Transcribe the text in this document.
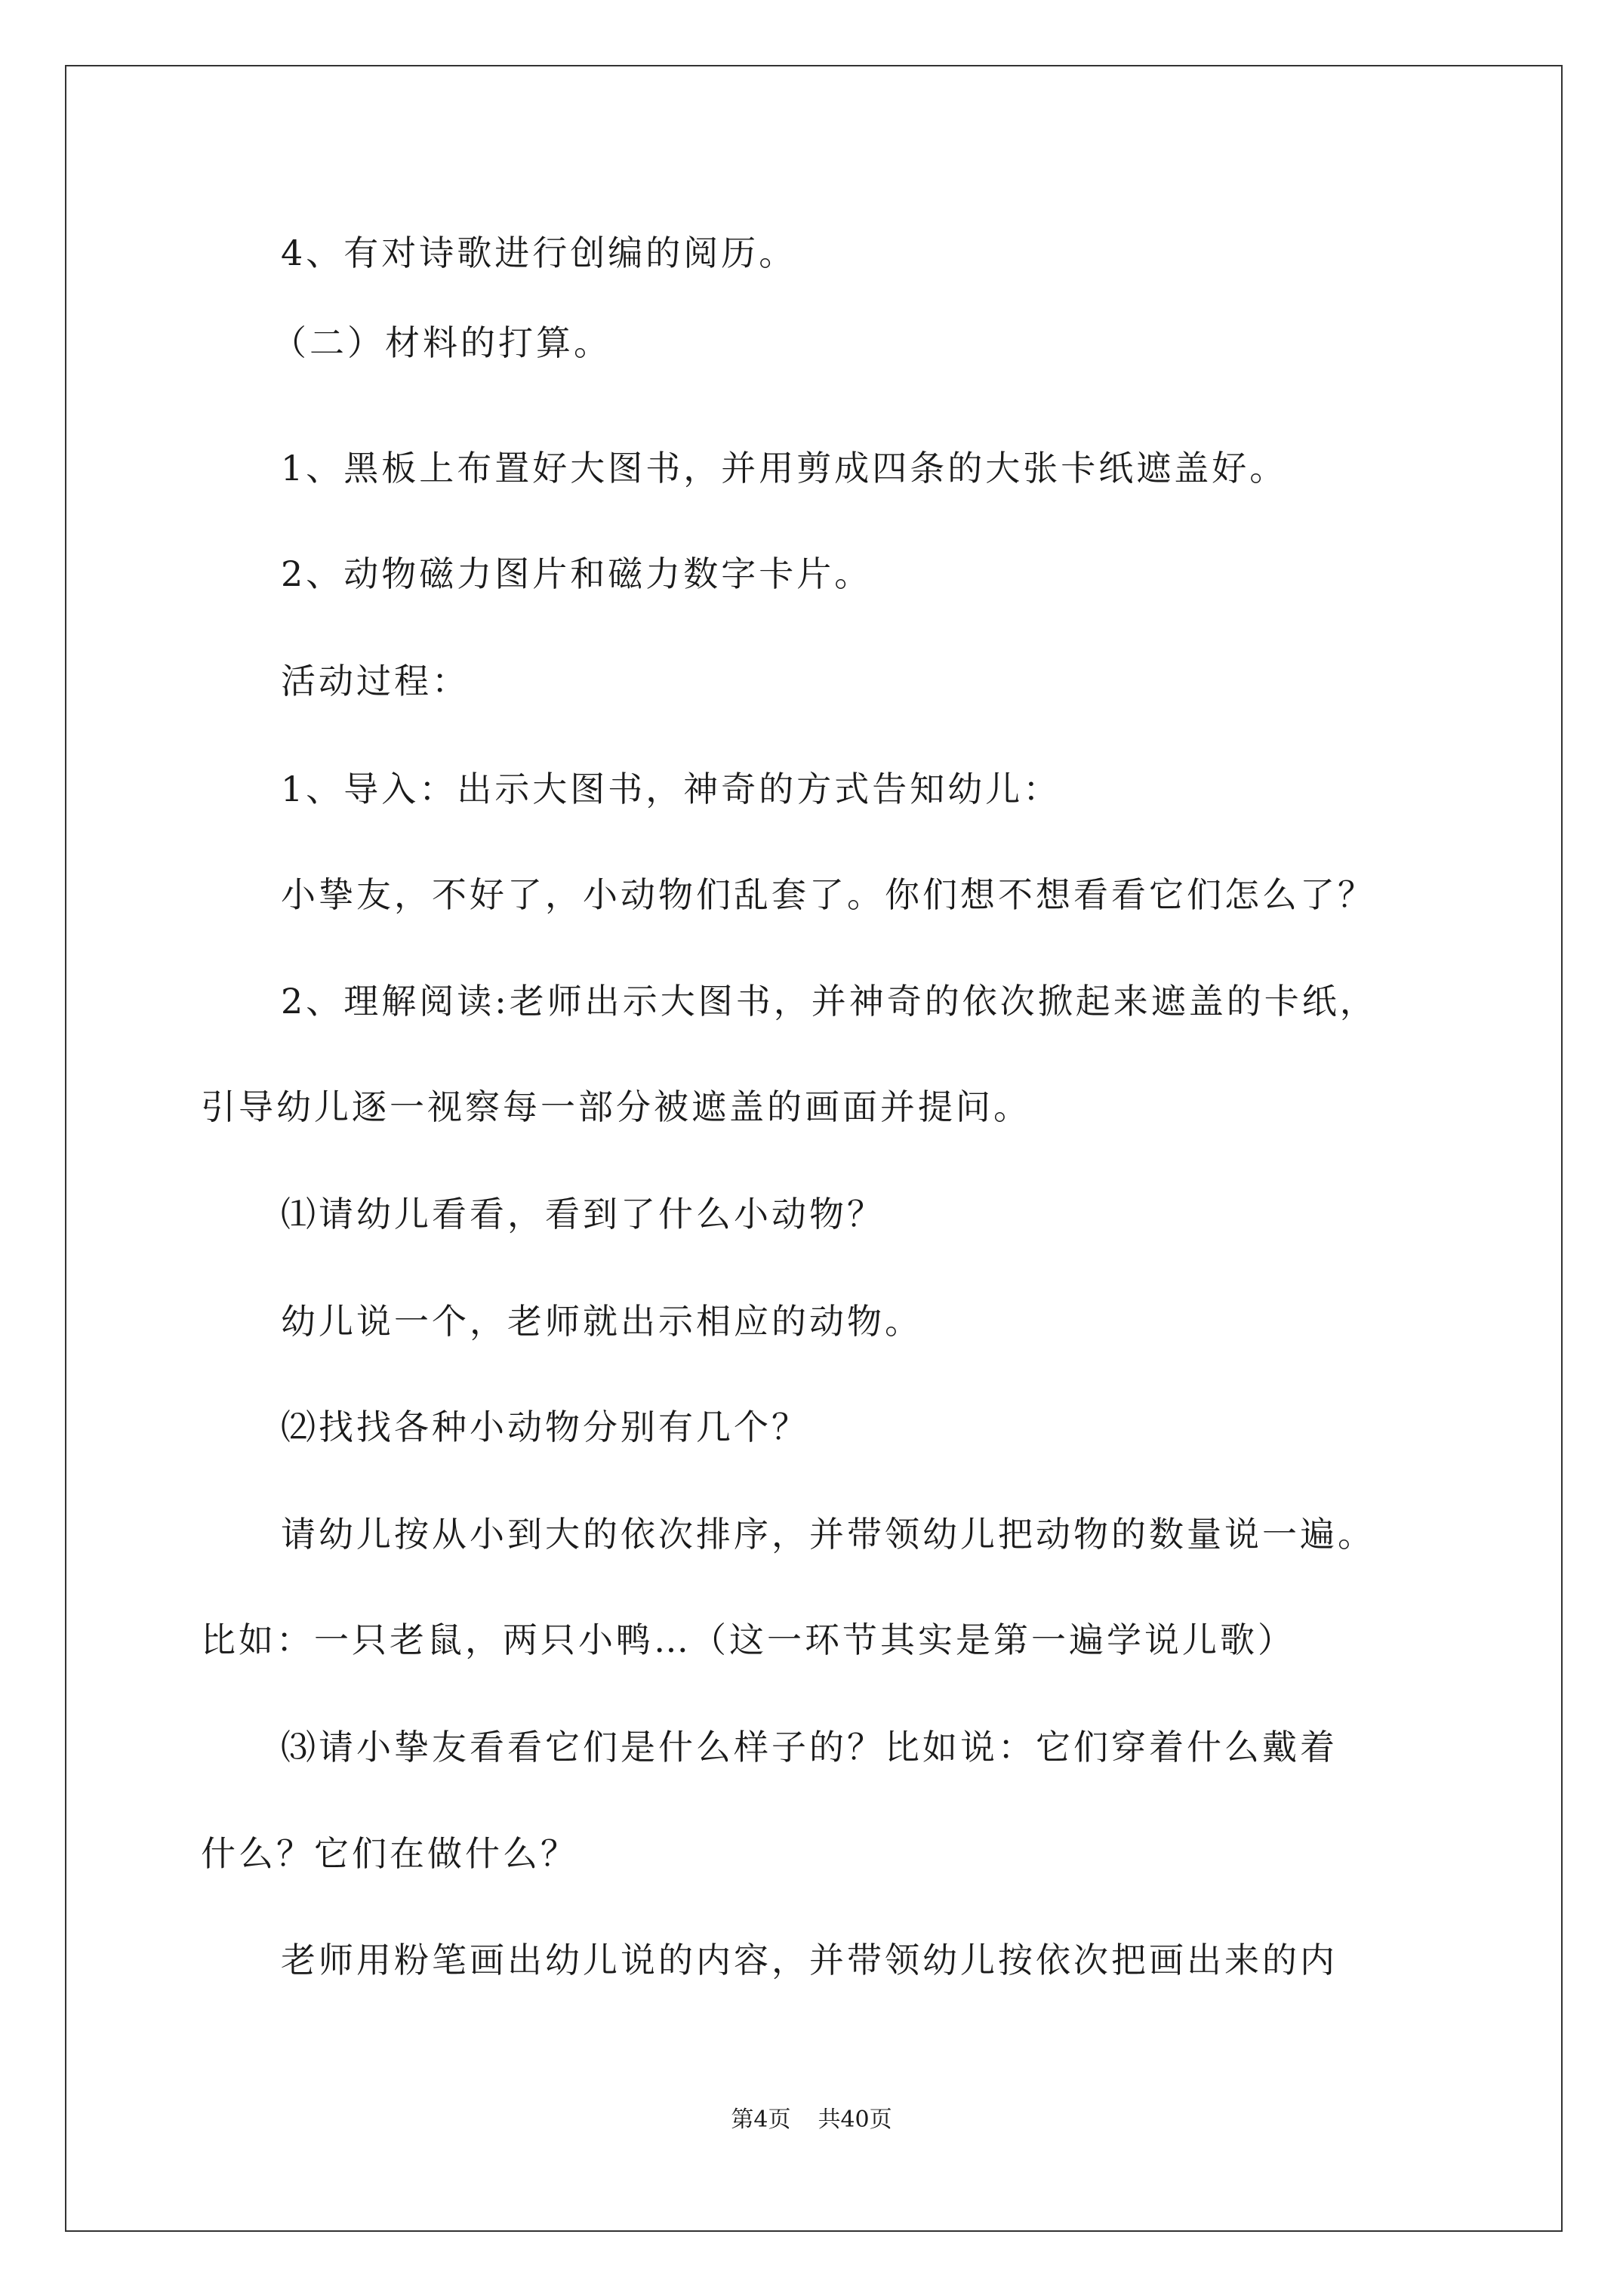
4、有对诗歌进行创编的阅历。
（二）材料的打算。
1、黑板上布置好大图书，并用剪成四条的大张卡纸遮盖好。
2、动物磁力图片和磁力数字卡片。
活动过程：
1、导入：出示大图书，神奇的方式告知幼儿：
小挚友，不好了，小动物们乱套了。你们想不想看看它们怎么了？
2、理解阅读:老师出示大图书，并神奇的依次掀起来遮盖的卡纸，
引导幼儿逐一视察每一部分被遮盖的画面并提问。
⑴请幼儿看看，看到了什么小动物？
幼儿说一个，老师就出示相应的动物。
⑵找找各种小动物分别有几个？
请幼儿按从小到大的依次排序，并带领幼儿把动物的数量说一遍。
比如：一只老鼠，两只小鸭…（这一环节其实是第一遍学说儿歌）
⑶请小挚友看看它们是什么样子的？比如说：它们穿着什么戴着
什么？它们在做什么？
老师用粉笔画出幼儿说的内容，并带领幼儿按依次把画出来的内
第4页 共40页
